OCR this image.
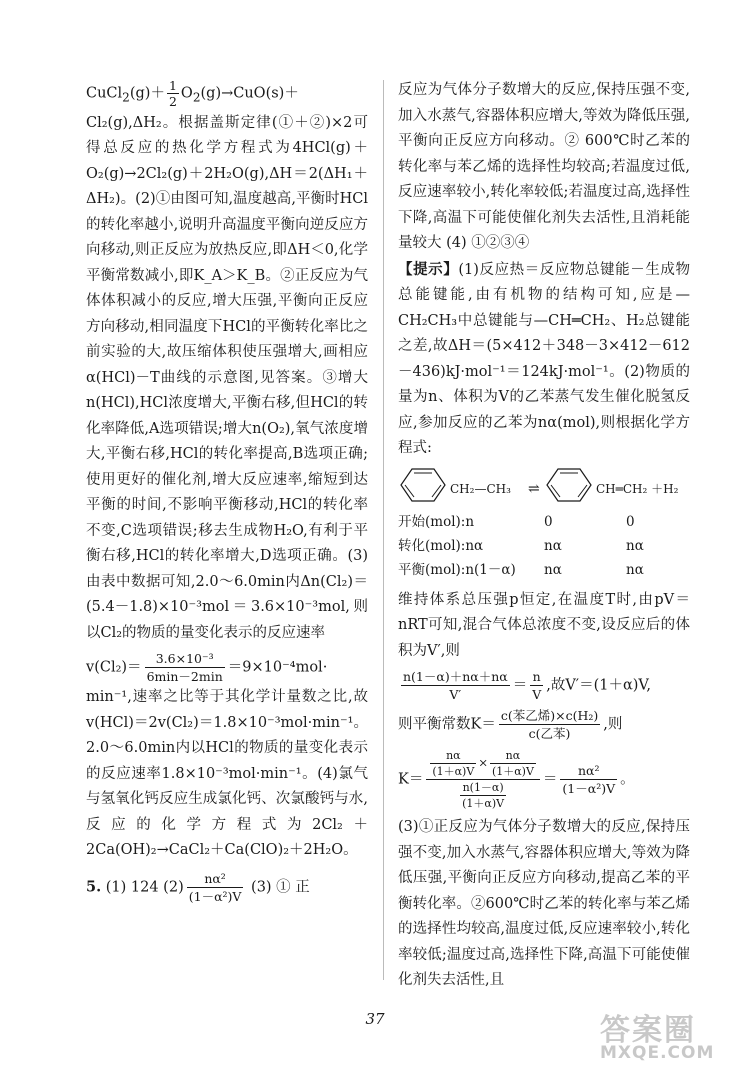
CuCl$_2$(g)＋ $\frac{1}{2} O_2(g)\to CuO(s)+$

Cl₂(g),ΔH₂。根据盖斯定律(①＋②)×2可得总反应的热化学方程式为4HCl(g)＋O₂(g)→2Cl₂(g)＋2H₂O(g),ΔH＝2(ΔH₁＋ΔH₂)。(2)①由图可知,温度越高,平衡时HCl的转化率越小,说明升高温度平衡向逆反应方向移动,则正反应为放热反应,即ΔH＜0,化学平衡常数减小,即K_A＞K_B。②正反应为气体体积减小的反应,增大压强,平衡向正反应方向移动,相同温度下HCl的平衡转化率比之前实验的大,故压缩体积使压强增大,画相应α(HCl)－T曲线的示意图,见答案。③增大n(HCl),HCl浓度增大,平衡右移,但HCl的转化率降低,A选项错误;增大n(O₂),氧气浓度增大,平衡右移,HCl的转化率提高,B选项正确;使用更好的催化剂,增大反应速率,缩短到达平衡的时间,不影响平衡移动,HCl的转化率不变,C选项错误;移去生成物H₂O,有利于平衡右移,HCl的转化率增大,D选项正确。(3)由表中数据可知,2.0～6.0min内Δn(Cl₂)＝(5.4－1.8)×10⁻³mol＝3.6×10⁻³mol,则以Cl₂的物质的量变化表示的反应速率

$v(Cl_2)= \frac{\text{3.6×10⁻³}}{6\min-2\min} =9\times 10^{-4}mol\cdot$

min⁻¹,速率之比等于其化学计量数之比,故v(HCl)＝2v(Cl₂)＝1.8×10⁻³mol·min⁻¹。2.0～6.0min内以HCl的物质的量变化表示的反应速率1.8×10⁻³mol·min⁻¹。(4)氯气与氢氧化钙反应生成氯化钙、次氯酸钙与水,反应的化学方程式为2Cl₂＋2Ca(OH)₂→CaCl₂＋Ca(ClO)₂＋2H₂O。

5. (1) 124 $(2) \frac{\text{nα²}}{\text{(1－α²)V}} (3)$ ① 正

反应为气体分子数增大的反应,保持压强不变,加入水蒸气,容器体积应增大,等效为降低压强,平衡向正反应方向移动。② 600℃时乙苯的转化率与苯乙烯的选择性均较高;若温度过低,反应速率较小,转化率较低;若温度过高,选择性下降,高温下可能使催化剂失去活性,且消耗能量较大 (4) ①②③④

【提示】(1)反应热＝反应物总键能－生成物总能键能,由有机物的结构可知,应是—CH₂CH₃中总键能与—CH═CH₂、H₂总键能之差,故ΔH＝(5×412＋348－3×412－612－436)kJ·mol⁻¹＝124kJ·mol⁻¹。(2)物质的量为n、体积为V的乙苯蒸气发生催化脱氢反应,参加反应的乙苯为nα(mol),则根据化学方程式:

CH₂—CH₃ ⇌	CH═CH₂ ＋H₂
开始(mol):n	0	0
转化(mol):nα	nα	nα
平衡(mol):n(1－α)	nα	nα

维持体系总压强p恒定,在温度T时,由pV＝nRT可知,混合气体总浓度不变,设反应后的体积为V′,则

$\frac{n(1-\alpha)+n\alpha+n\alpha}{V'} = \frac{n}{V}$ ,故V′＝(1＋α)V,

则平衡常数$K= \frac{\text{c(苯乙烯)×c(H₂)}}{\text{c(乙苯)}}$ ,则

$K= \frac{\frac{n\alpha}{(1+\alpha)V} \times \frac{n\alpha}{(1+\alpha)V}}{\frac{n(1-\alpha)}{(1+\alpha)V}} = \frac{\text{nα²}}{\text{(1－α²)V}}$ 。

(3)①正反应为气体分子数增大的反应,保持压强不变,加入水蒸气,容器体积应增大,等效为降低压强,平衡向正反应方向移动,提高乙苯的平衡转化率。②600℃时乙苯的转化率与苯乙烯的选择性均较高,温度过低,反应速率较小,转化率较低;温度过高,选择性下降,高温下可能使催化剂失去活性,且

37	答案圈
MXQE.COM
